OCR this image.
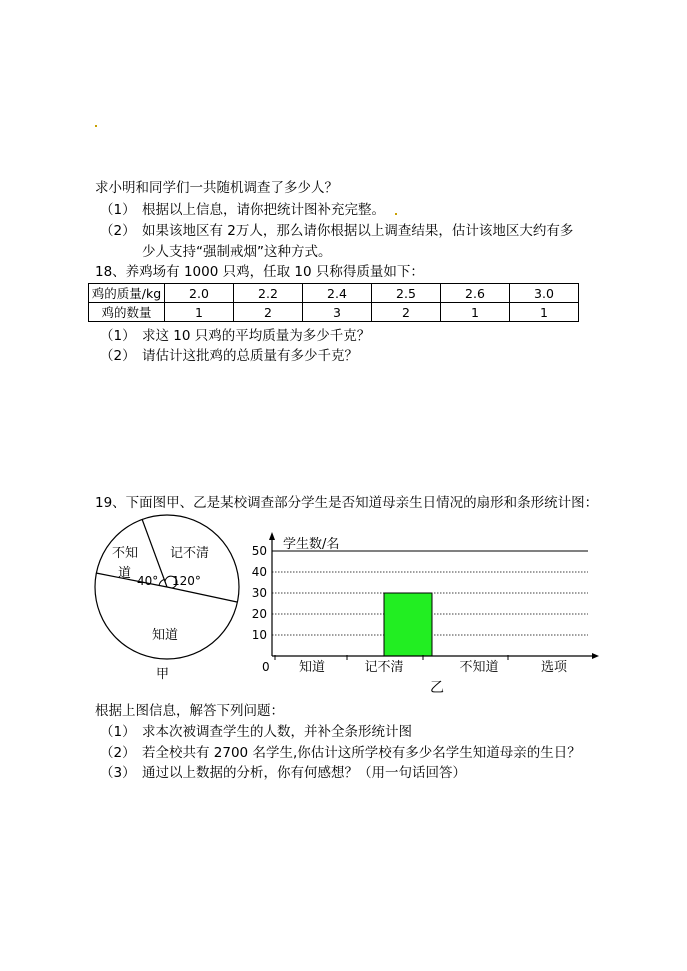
求小明和同学们一共随机调查了多少人？
（1） 根据以上信息，请你把统计图补充完整。
（2） 如果该地区有 2万人，那么请你根据以上调查结果，估计该地区大约有多
少人支持“强制戒烟”这种方式。
18、养鸡场有 1000 只鸡，任取 10 只称得质量如下：
鸡的质量/kg	2.0	2.2	2.4	2.5	2.6	3.0
鸡的数量	1	2	3	2	1	1
（1） 求这 10 只鸡的平均质量为多少千克？
（2） 请估计这批鸡的总质量有多少千克？
19、下面图甲、乙是某校调查部分学生是否知道母亲生日情况的扇形和条形统计图：
不知
道
记不清
40° 120°
知道
甲
学生数/名
选项
0
乙
10
20
30
40
50
知道	记不清	不知道
根据上图信息，解答下列问题：
（1） 求本次被调查学生的人数，并补全条形统计图
（2） 若全校共有 2700 名学生,你估计这所学校有多少名学生知道母亲的生日？
（3） 通过以上数据的分析，你有何感想？（用一句话回答）
